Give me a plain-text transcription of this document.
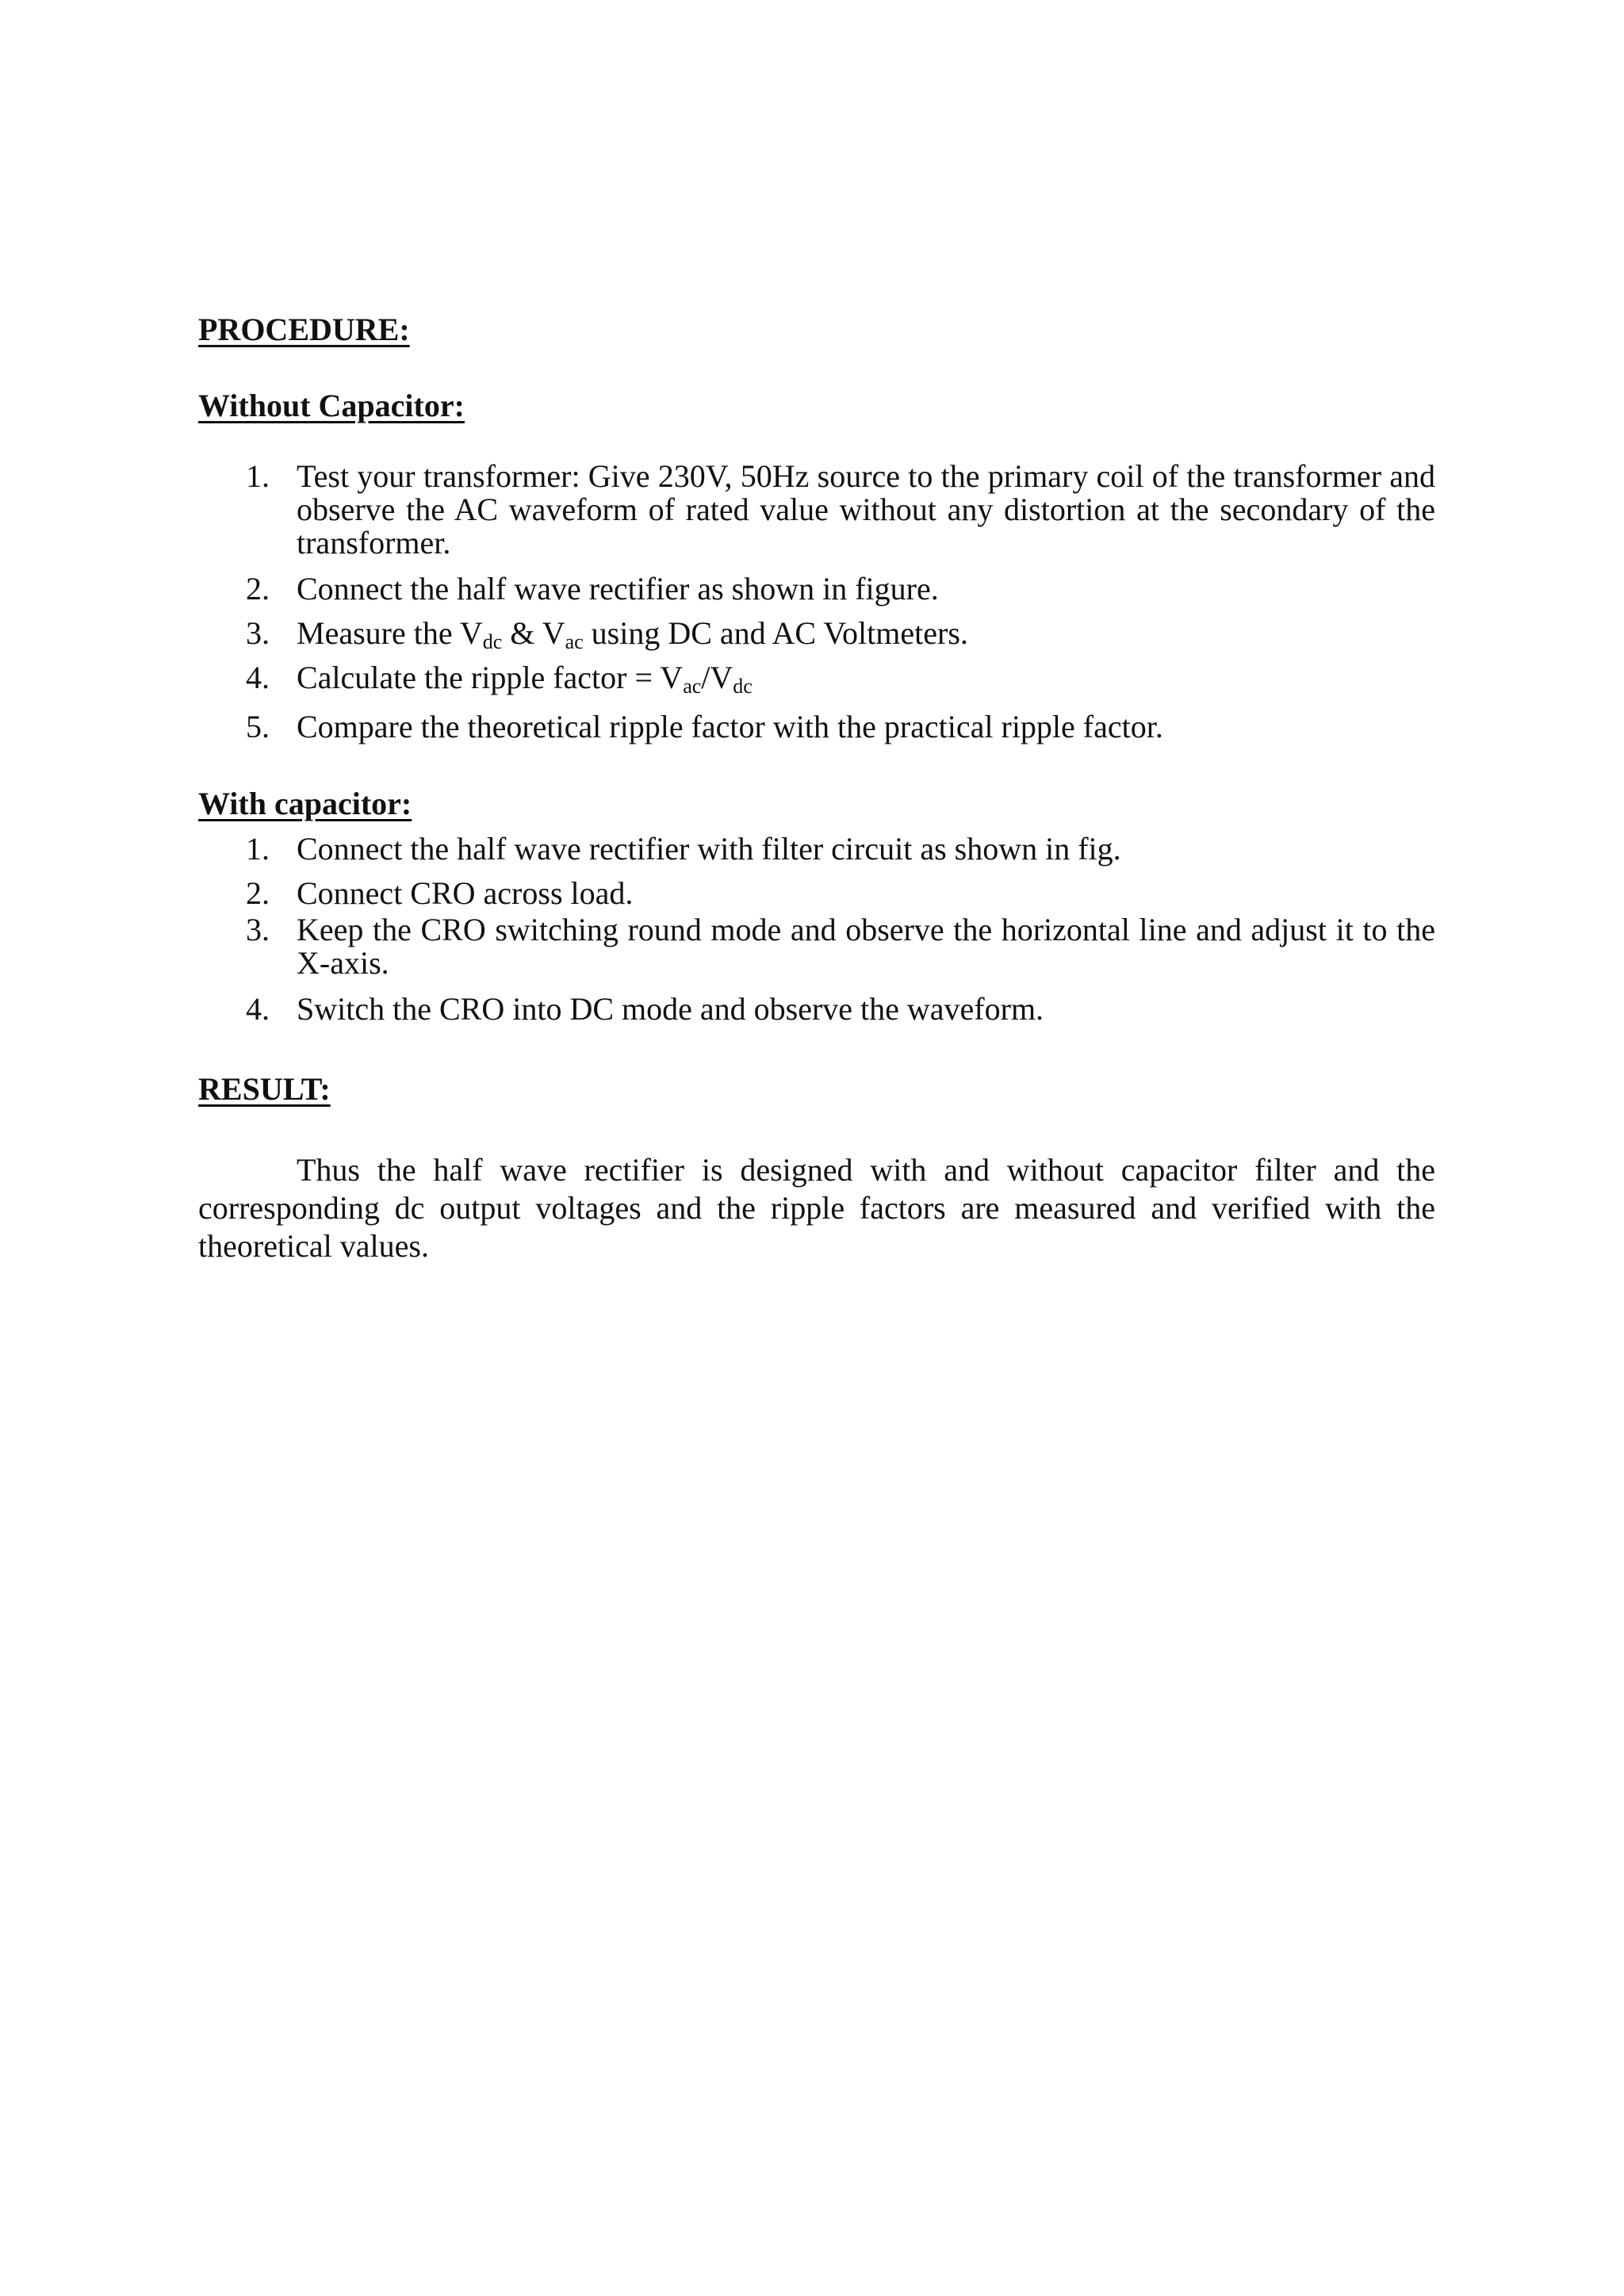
PROCEDURE:
Without Capacitor:
1. Test your transformer: Give 230V, 50Hz source to the primary coil of the transformer and observe the AC waveform of rated value without any distortion at the secondary of the transformer.
2. Connect the half wave rectifier as shown in figure.
3. Measure the $V_{dc}$ & $V_{ac}$ using DC and AC Voltmeters.
4. Calculate the ripple factor = $V_{ac}/V_{dc}$
5. Compare the theoretical ripple factor with the practical ripple factor.
With capacitor:
1. Connect the half wave rectifier with filter circuit as shown in fig.
2. Connect CRO across load.
3. Keep the CRO switching round mode and observe the horizontal line and adjust it to the X-axis.
4. Switch the CRO into DC mode and observe the waveform.
RESULT:

Thus the half wave rectifier is designed with and without capacitor filter and the corresponding dc output voltages and the ripple factors are measured and verified with the theoretical values.
